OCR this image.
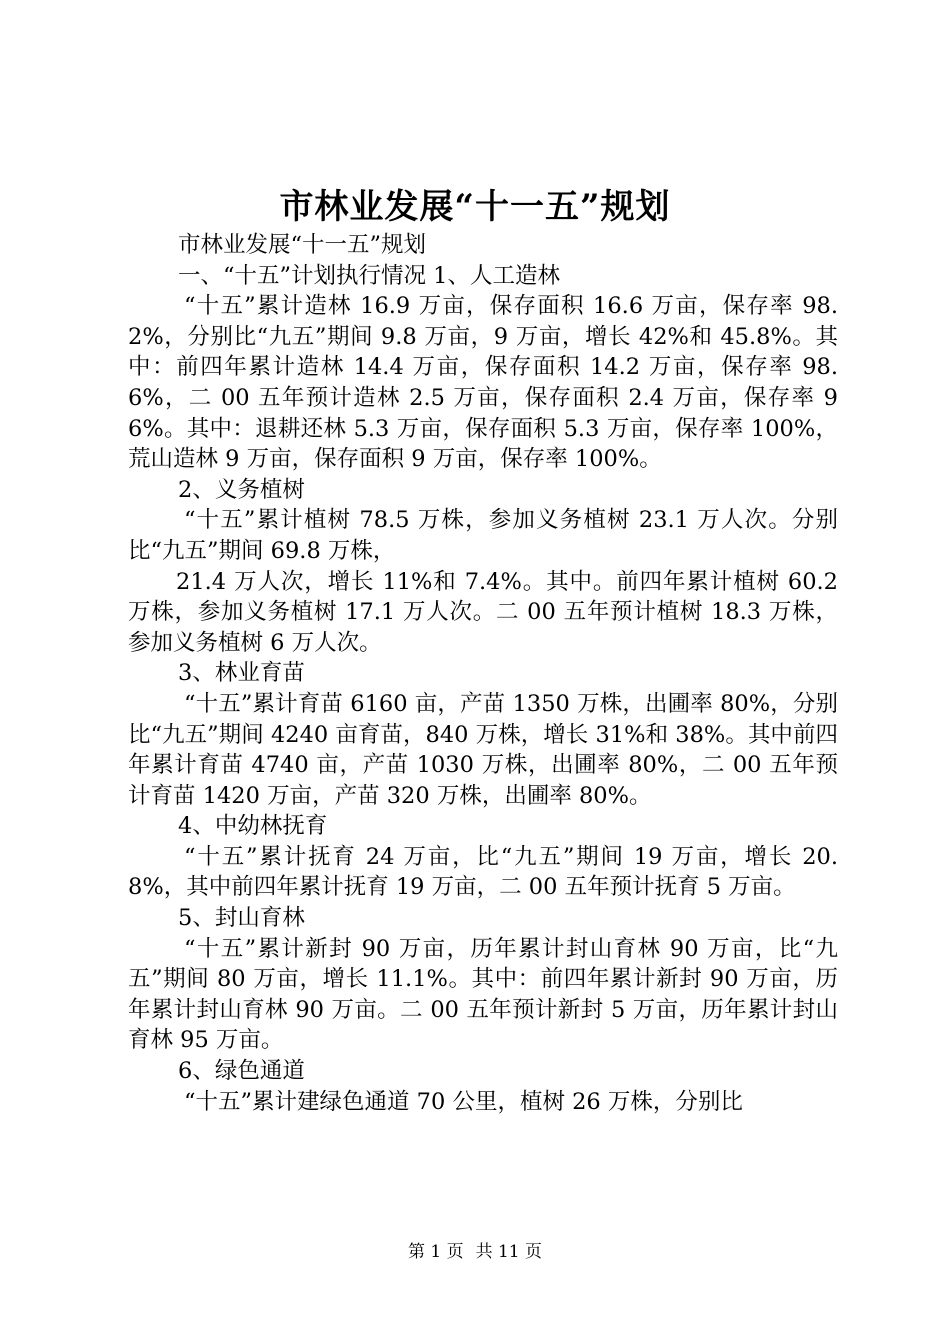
市林业发展“十一五”规划

市林业发展“十一五”规划

一、“十五”计划执行情况 1、人工造林

“十五”累计造林 16.9 万亩，保存面积 16.6 万亩，保存率 98.2%，分别比“九五”期间 9.8 万亩，9 万亩，增长 42%和 45.8%。其中：前四年累计造林 14.4 万亩，保存面积 14.2 万亩，保存率 98.6%，二 00 五年预计造林 2.5 万亩，保存面积 2.4 万亩，保存率 96%。其中：退耕还林 5.3 万亩，保存面积 5.3 万亩，保存率 100%，荒山造林 9 万亩，保存面积 9 万亩，保存率 100%。

2、义务植树

“十五”累计植树 78.5 万株，参加义务植树 23.1 万人次。分别比“九五”期间 69.8 万株，

21.4 万人次，增长 11%和 7.4%。其中。前四年累计植树 60.2 万株，参加义务植树 17.1 万人次。二 00 五年预计植树 18.3 万株，参加义务植树 6 万人次。

3、林业育苗

“十五”累计育苗 6160 亩，产苗 1350 万株，出圃率 80%，分别比“九五”期间 4240 亩育苗，840 万株，增长 31%和 38%。其中前四年累计育苗 4740 亩，产苗 1030 万株，出圃率 80%，二 00 五年预计育苗 1420 万亩，产苗 320 万株，出圃率 80%。

4、中幼林抚育

“十五”累计抚育 24 万亩，比“九五”期间 19 万亩，增长 20.8%，其中前四年累计抚育 19 万亩，二 00 五年预计抚育 5 万亩。

5、封山育林

“十五”累计新封 90 万亩，历年累计封山育林 90 万亩，比“九五”期间 80 万亩，增长 11.1%。其中：前四年累计新封 90 万亩，历年累计封山育林 90 万亩。二 00 五年预计新封 5 万亩，历年累计封山育林 95 万亩。

6、绿色通道

“十五”累计建绿色通道 70 公里，植树 26 万株，分别比

第 1 页 共 11 页
